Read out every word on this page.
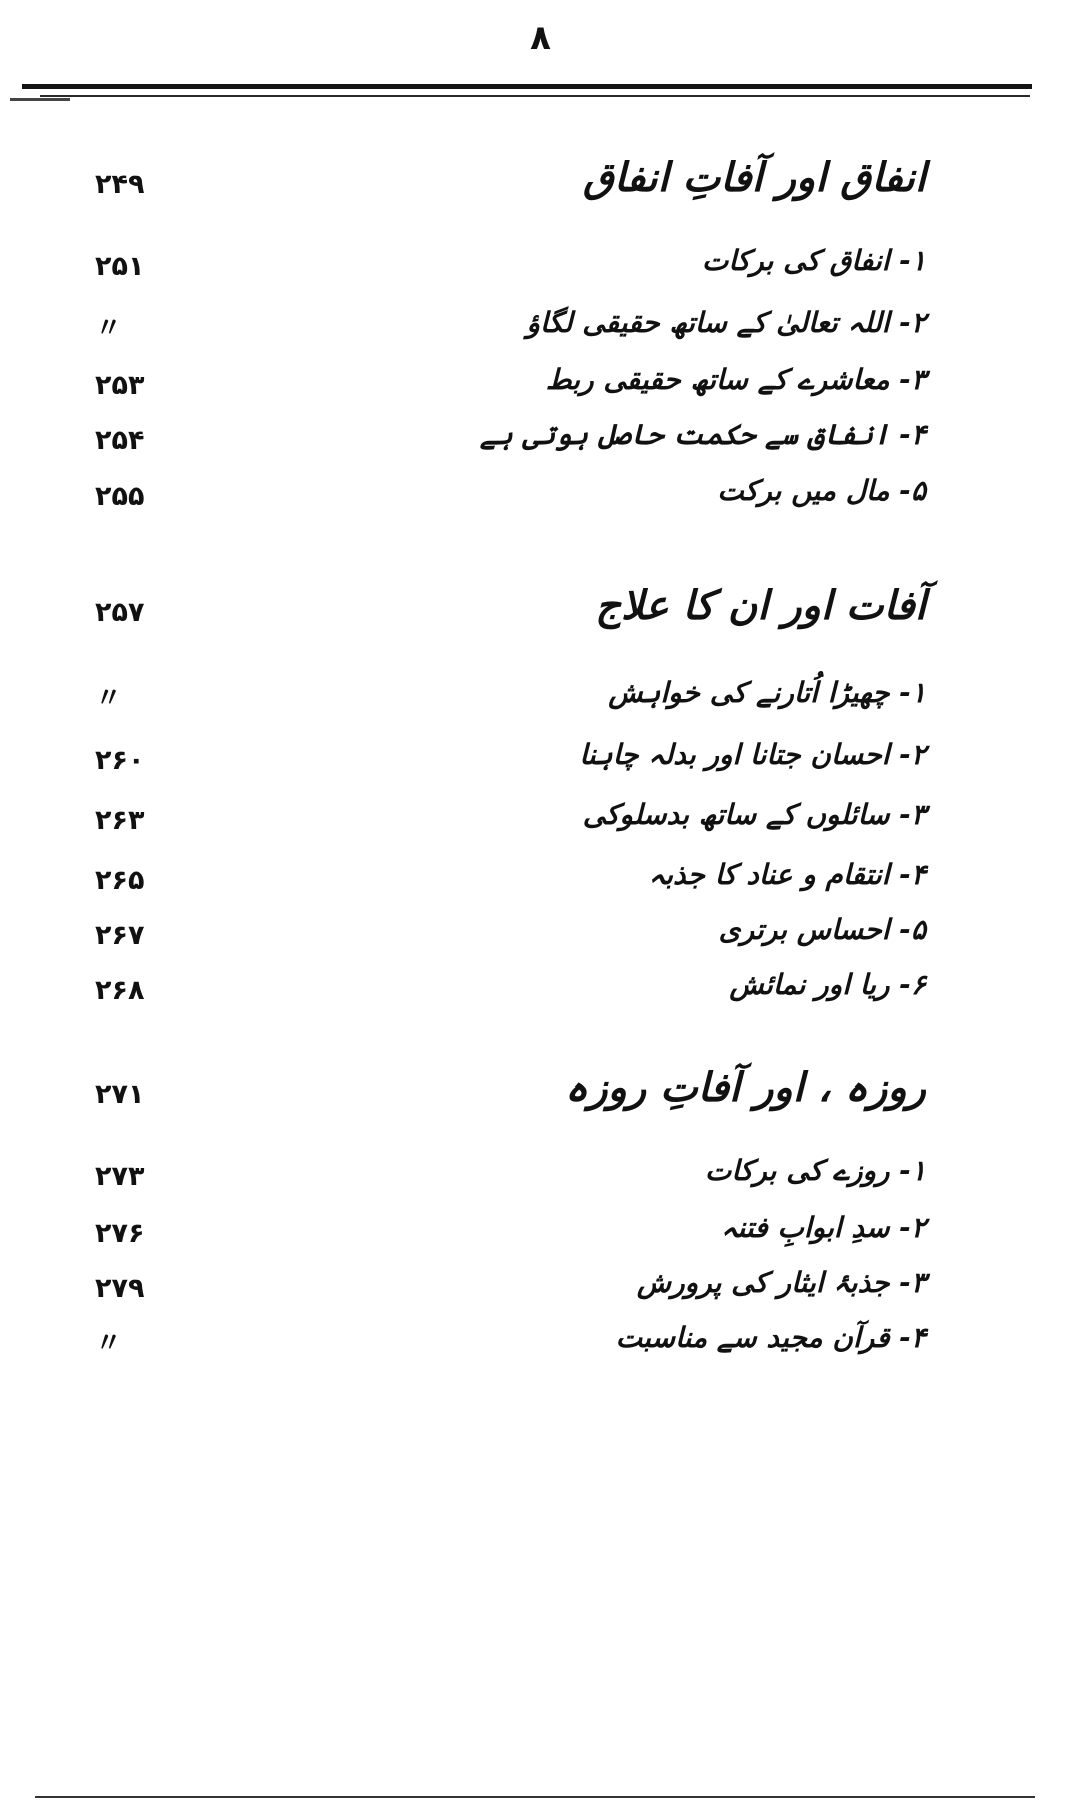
۸
انفاق اور آفاتِ انفاق
۲۴۹
۱- انفاق کی برکات
۲۵۱
۲- اللہ تعالیٰ کے ساتھ حقیقی لگاؤ
〃
۳- معاشرے کے ساتھ حقیقی ربط
۲۵۳
۴- انفاق سے حکمت حاصل ہوتی ہے
۲۵۴
۵- مال میں برکت
۲۵۵
آفات اور ان کا علاج
۲۵۷
۱- چھیڑا اُتارنے کی خواہش
〃
۲- احسان جتانا اور بدلہ چاہنا
۲۶۰
۳- سائلوں کے ساتھ بدسلوکی
۲۶۳
۴- انتقام و عناد کا جذبہ
۲۶۵
۵- احساس برتری
۲۶۷
۶- ریا اور نمائش
۲۶۸
روزہ ، اور آفاتِ روزہ
۲۷۱
۱- روزے کی برکات
۲۷۳
۲- سدِ ابوابِ فتنہ
۲۷۶
۳- جذبۂ ایثار کی پرورش
۲۷۹
۴- قرآن مجید سے مناسبت
〃
